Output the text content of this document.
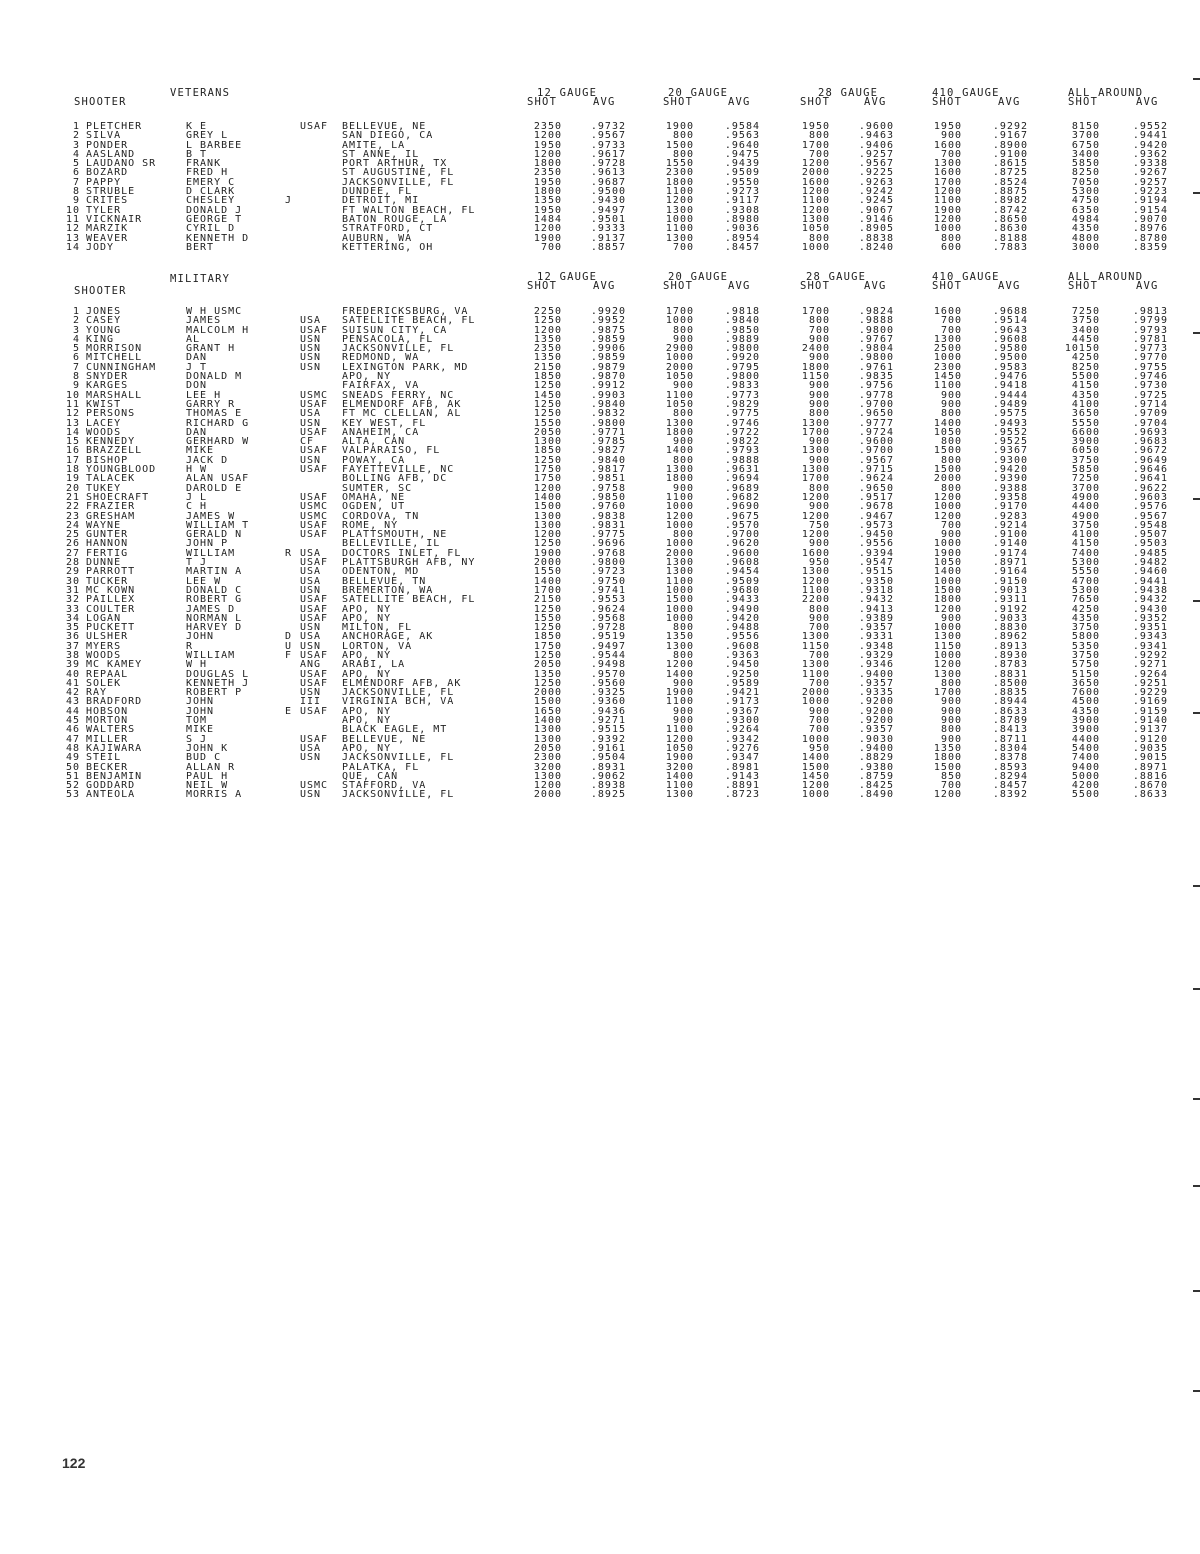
VETERANS
SHOOTER
12 GAUGE
SHOT	AVG
20 GAUGE
SHOT	AVG
28 GAUGE
SHOT	AVG
410 GAUGE
SHOT	AVG
ALL AROUND
SHOT	AVG
1 PLETCHER	K E	USAF BELLEVUE, NE	2350	.9732	1900	.9584	1950	.9600	1950	.9292	8150	.9552
2 SILVA	GREY L	SAN DIEGO, CA	1200	.9567	800	.9563	800	.9463	900	.9167	3700	.9441
3 PONDER	L BARBEE	AMITE, LA	1950	.9733	1500	.9640	1700	.9406	1600	.8900	6750	.9420
4 AASLAND	B T	ST ANNE, IL	1200	.9617	800	.9475	700	.9257	700	.9100	3400	.9362
5 LAUDANO SR	FRANK	PORT ARTHUR, TX	1800	.9728	1550	.9439	1200	.9567	1300	.8615	5850	.9338
6 BOZARD	FRED H	ST AUGUSTINE, FL	2350	.9613	2300	.9509	2000	.9225	1600	.8725	8250	.9267
7 PAPPY	EMERY C	JACKSONVILLE, FL	1950	.9687	1800	.9550	1600	.9263	1700	.8524	7050	.9257
8 STRUBLE	D CLARK	DUNDEE, FL	1800	.9500	1100	.9273	1200	.9242	1200	.8875	5300	.9223
9 CRITES	CHESLEY	J	DETROIT, MI	1350	.9430	1200	.9117	1100	.9245	1100	.8982	4750	.9194
10 TYLER	DONALD J	FT WALTON BEACH, FL	1950	.9497	1300	.9308	1200	.9067	1900	.8742	6350	.9154
11 VICKNAIR	GEORGE T	BATON ROUGE, LA	1484	.9501	1000	.8980	1300	.9146	1200	.8650	4984	.9070
12 MARZIK	CYRIL D	STRATFORD, CT	1200	.9333	1100	.9036	1050	.8905	1000	.8630	4350	.8976
13 WEAVER	KENNETH D	AUBURN, WA	1900	.9137	1300	.8954	800	.8838	800	.8188	4800	.8780
14 JODY	BERT	KETTERING, OH	700	.8857	700	.8457	1000	.8240	600	.7883	3000	.8359
MILITARY
SHOOTER
12 GAUGE
SHOT	AVG
20 GAUGE
SHOT	AVG
28 GAUGE
SHOT	AVG
410 GAUGE
SHOT	AVG
ALL AROUND
SHOT	AVG
1 JONES	W H USMC	FREDERICKSBURG, VA	2250	.9920	1700	.9818	1700	.9824	1600	.9688	7250	.9813
2 CASEY	JAMES	USA SATELLITE BEACH, FL	1250	.9952	1000	.9840	800	.9888	700	.9514	3750	.9799
3 YOUNG	MALCOLM H	USAF SUISUN CITY, CA	1200	.9875	800	.9850	700	.9800	700	.9643	3400	.9793
4 KING	AL	USN PENSACOLA, FL	1350	.9859	900	.9889	900	.9767	1300	.9608	4450	.9781
5 MORRISON	GRANT H	USN JACKSONVILLE, FL	2350	.9906	2900	.9800	2400	.9804	2500	.9580	10150	.9773
6 MITCHELL	DAN	USN REDMOND, WA	1350	.9859	1000	.9920	900	.9800	1000	.9500	4250	.9770
7 CUNNINGHAM	J T	USN LEXINGTON PARK, MD	2150	.9879	2000	.9795	1800	.9761	2300	.9583	8250	.9755
8 SNYDER	DONALD M	APO, NY	1850	.9870	1050	.9800	1150	.9835	1450	.9476	5500	.9746
9 KARGES	DON	FAIRFAX, VA	1250	.9912	900	.9833	900	.9756	1100	.9418	4150	.9730
10 MARSHALL	LEE H	USMC SNEADS FERRY, NC	1450	.9903	1100	.9773	900	.9778	900	.9444	4350	.9725
11 KWIST	GARRY R	USAF ELMENDORF AFB, AK	1250	.9840	1050	.9829	900	.9700	900	.9489	4100	.9714
12 PERSONS	THOMAS E	USA FT MC CLELLAN, AL	1250	.9832	800	.9775	800	.9650	800	.9575	3650	.9709
13 LACEY	RICHARD G	USN KEY WEST, FL	1550	.9800	1300	.9746	1300	.9777	1400	.9493	5550	.9704
14 WOODS	DAN	USAF ANAHEIM, CA	2050	.9771	1800	.9722	1700	.9724	1050	.9552	6600	.9693
15 KENNEDY	GERHARD W	CF	ALTA, CAN	1300	.9785	900	.9822	900	.9600	800	.9525	3900	.9683
16 BRAZZELL	MIKE	USAF VALPARAISO, FL	1850	.9827	1400	.9793	1300	.9700	1500	.9367	6050	.9672
17 BISHOP	JACK D	USN POWAY, CA	1250	.9840	800	.9888	900	.9567	800	.9300	3750	.9649
18 YOUNGBLOOD	H W	USAF FAYETTEVILLE, NC	1750	.9817	1300	.9631	1300	.9715	1500	.9420	5850	.9646
19 TALACEK	ALAN USAF	BOLLING AFB, DC	1750	.9851	1800	.9694	1700	.9624	2000	.9390	7250	.9641
20 TUKEY	DAROLD E	SUMTER, SC	1200	.9758	900	.9689	800	.9650	800	.9388	3700	.9622
21 SHOECRAFT	J L	USAF OMAHA, NE	1400	.9850	1100	.9682	1200	.9517	1200	.9358	4900	.9603
22 FRAZIER	C H	USMC OGDEN, UT	1500	.9760	1000	.9690	900	.9678	1000	.9170	4400	.9576
23 GRESHAM	JAMES W	USMC CORDOVA, TN	1300	.9838	1200	.9675	1200	.9467	1200	.9283	4900	.9567
24 WAYNE	WILLIAM T	USAF ROME, NY	1300	.9831	1000	.9570	750	.9573	700	.9214	3750	.9548
25 GUNTER	GERALD N	USAF PLATTSMOUTH, NE	1200	.9775	800	.9700	1200	.9450	900	.9100	4100	.9507
26 HANNON	JOHN P	BELLEVILLE, IL	1250	.9696	1000	.9620	900	.9556	1000	.9140	4150	.9503
27 FERTIG	WILLIAM	R USA DOCTORS INLET, FL	1900	.9768	2000	.9600	1600	.9394	1900	.9174	7400	.9485
28 DUNNE	T J	USAF PLATTSBURGH AFB, NY	2000	.9800	1300	.9608	950	.9547	1050	.8971	5300	.9482
29 PARROTT	MARTIN A	USA ODENTON, MD	1550	.9723	1300	.9454	1300	.9515	1400	.9164	5550	.9460
30 TUCKER	LEE W	USA BELLEVUE, TN	1400	.9750	1100	.9509	1200	.9350	1000	.9150	4700	.9441
31 MC KOWN	DONALD C	USN BREMERTON, WA	1700	.9741	1000	.9680	1100	.9318	1500	.9013	5300	.9438
32 PAILLEX	ROBERT G	USAF SATELLITE BEACH, FL	2150	.9553	1500	.9433	2200	.9432	1800	.9311	7650	.9432
33 COULTER	JAMES D	USAF APO, NY	1250	.9624	1000	.9490	800	.9413	1200	.9192	4250	.9430
34 LOGAN	NORMAN L	USAF APO, NY	1550	.9568	1000	.9420	900	.9389	900	.9033	4350	.9352
35 PUCKETT	HARVEY D	USN MILTON, FL	1250	.9728	800	.9488	700	.9357	1000	.8830	3750	.9351
36 ULSHER	JOHN	D USA ANCHORAGE, AK	1850	.9519	1350	.9556	1300	.9331	1300	.8962	5800	.9343
37 MYERS	R	U USN LORTON, VA	1750	.9497	1300	.9608	1150	.9348	1150	.8913	5350	.9341
38 WOODS	WILLIAM	F USAF APO, NY	1250	.9544	800	.9363	700	.9329	1000	.8930	3750	.9292
39 MC KAMEY	W H	ANG ARABI, LA	2050	.9498	1200	.9450	1300	.9346	1200	.8783	5750	.9271
40 REPAAL	DOUGLAS L	USAF APO, NY	1350	.9570	1400	.9250	1100	.9400	1300	.8831	5150	.9264
41 SOLEK	KENNETH J	USAF ELMENDORF AFB, AK	1250	.9560	900	.9589	700	.9357	800	.8500	3650	.9251
42 RAY	ROBERT P	USN JACKSONVILLE, FL	2000	.9325	1900	.9421	2000	.9335	1700	.8835	7600	.9229
43 BRADFORD	JOHN	III VIRGINIA BCH, VA	1500	.9360	1100	.9173	1000	.9200	900	.8944	4500	.9169
44 HOBSON	JOHN	E USAF APO, NY	1650	.9436	900	.9367	900	.9200	900	.8633	4350	.9159
45 MORTON	TOM	APO, NY	1400	.9271	900	.9300	700	.9200	900	.8789	3900	.9140
46 WALTERS	MIKE	BLACK EAGLE, MT	1300	.9515	1100	.9264	700	.9357	800	.8413	3900	.9137
47 MILLER	S J	USAF BELLEVUE, NE	1300	.9392	1200	.9342	1000	.9030	900	.8711	4400	.9120
48 KAJIWARA	JOHN K	USA APO, NY	2050	.9161	1050	.9276	950	.9400	1350	.8304	5400	.9035
49 STEIL	BUD C	USN JACKSONVILLE, FL	2300	.9504	1900	.9347	1400	.8829	1800	.8378	7400	.9015
50 BECKER	ALLAN R	PALATKA, FL	3200	.8931	3200	.8981	1500	.9380	1500	.8593	9400	.8971
51 BENJAMIN	PAUL H	QUE, CAN	1300	.9062	1400	.9143	1450	.8759	850	.8294	5000	.8816
52 GODDARD	NEIL W	USMC STAFFORD, VA	1200	.8938	1100	.8891	1200	.8425	700	.8457	4200	.8670
53 ANTEOLA	MORRIS A	USN JACKSONVILLE, FL	2000	.8925	1300	.8723	1000	.8490	1200	.8392	5500	.8633
122
